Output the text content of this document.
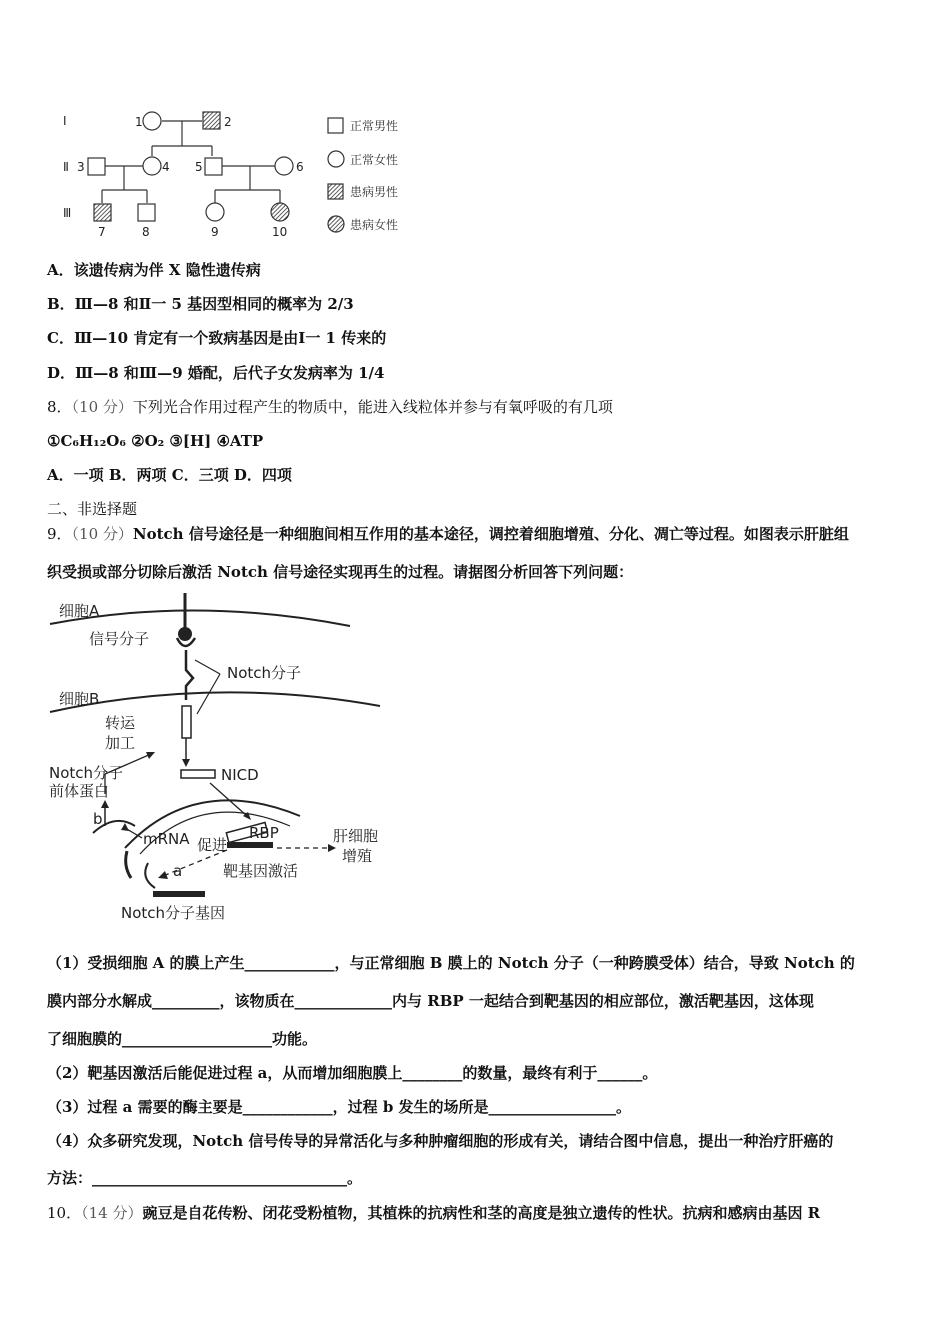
Ⅰ
Ⅱ
Ⅲ
1	2
3	4 5	6
7	8	9	10
正常男性
正常女性
患病男性
患病女性
A．该遗传病为伴 X 隐性遗传病
B．Ⅲ—8 和Ⅱ一 5 基因型相同的概率为 2/3
C．Ⅲ—10 肯定有一个致病基因是由Ⅰ一 1 传来的
D．Ⅲ—8 和Ⅲ—9 婚配，后代子女发病率为 1/4
8．（10 分）下列光合作用过程产生的物质中，能进入线粒体并参与有氧呼吸的有几项
①C₆H₁₂O₆ ②O₂ ③[H] ④ATP
A．一项 B．两项 C．三项 D．四项
二、非选择题
9．（10 分）Notch 信号途径是一种细胞间相互作用的基本途径，调控着细胞增殖、分化、凋亡等过程。如图表示肝脏组
织受损或部分切除后激活 Notch 信号途径实现再生的过程。请据图分析回答下列问题：
细胞A
信号分子
Notch分子
细胞B
转运
加工
Notch分子
前体蛋白
NICD
b
mRNA 促进
RBP	肝细胞
增殖
a	靶基因激活
Notch分子基因
（1）受损细胞 A 的膜上产生____________，与正常细胞 B 膜上的 Notch 分子（一种跨膜受体）结合，导致 Notch 的
膜内部分水解成_________，该物质在_____________内与 RBP 一起结合到靶基因的相应部位，激活靶基因，这体现
了细胞膜的____________________功能。
（2）靶基因激活后能促进过程 a，从而增加细胞膜上________的数量，最终有利于______。
（3）过程 a 需要的酶主要是____________，过程 b 发生的场所是_________________。
（4）众多研究发现，Notch 信号传导的异常活化与多种肿瘤细胞的形成有关，请结合图中信息，提出一种治疗肝癌的
方法：__________________________________。
10．（14 分）豌豆是自花传粉、闭花受粉植物，其植株的抗病性和茎的高度是独立遗传的性状。抗病和感病由基因 R
